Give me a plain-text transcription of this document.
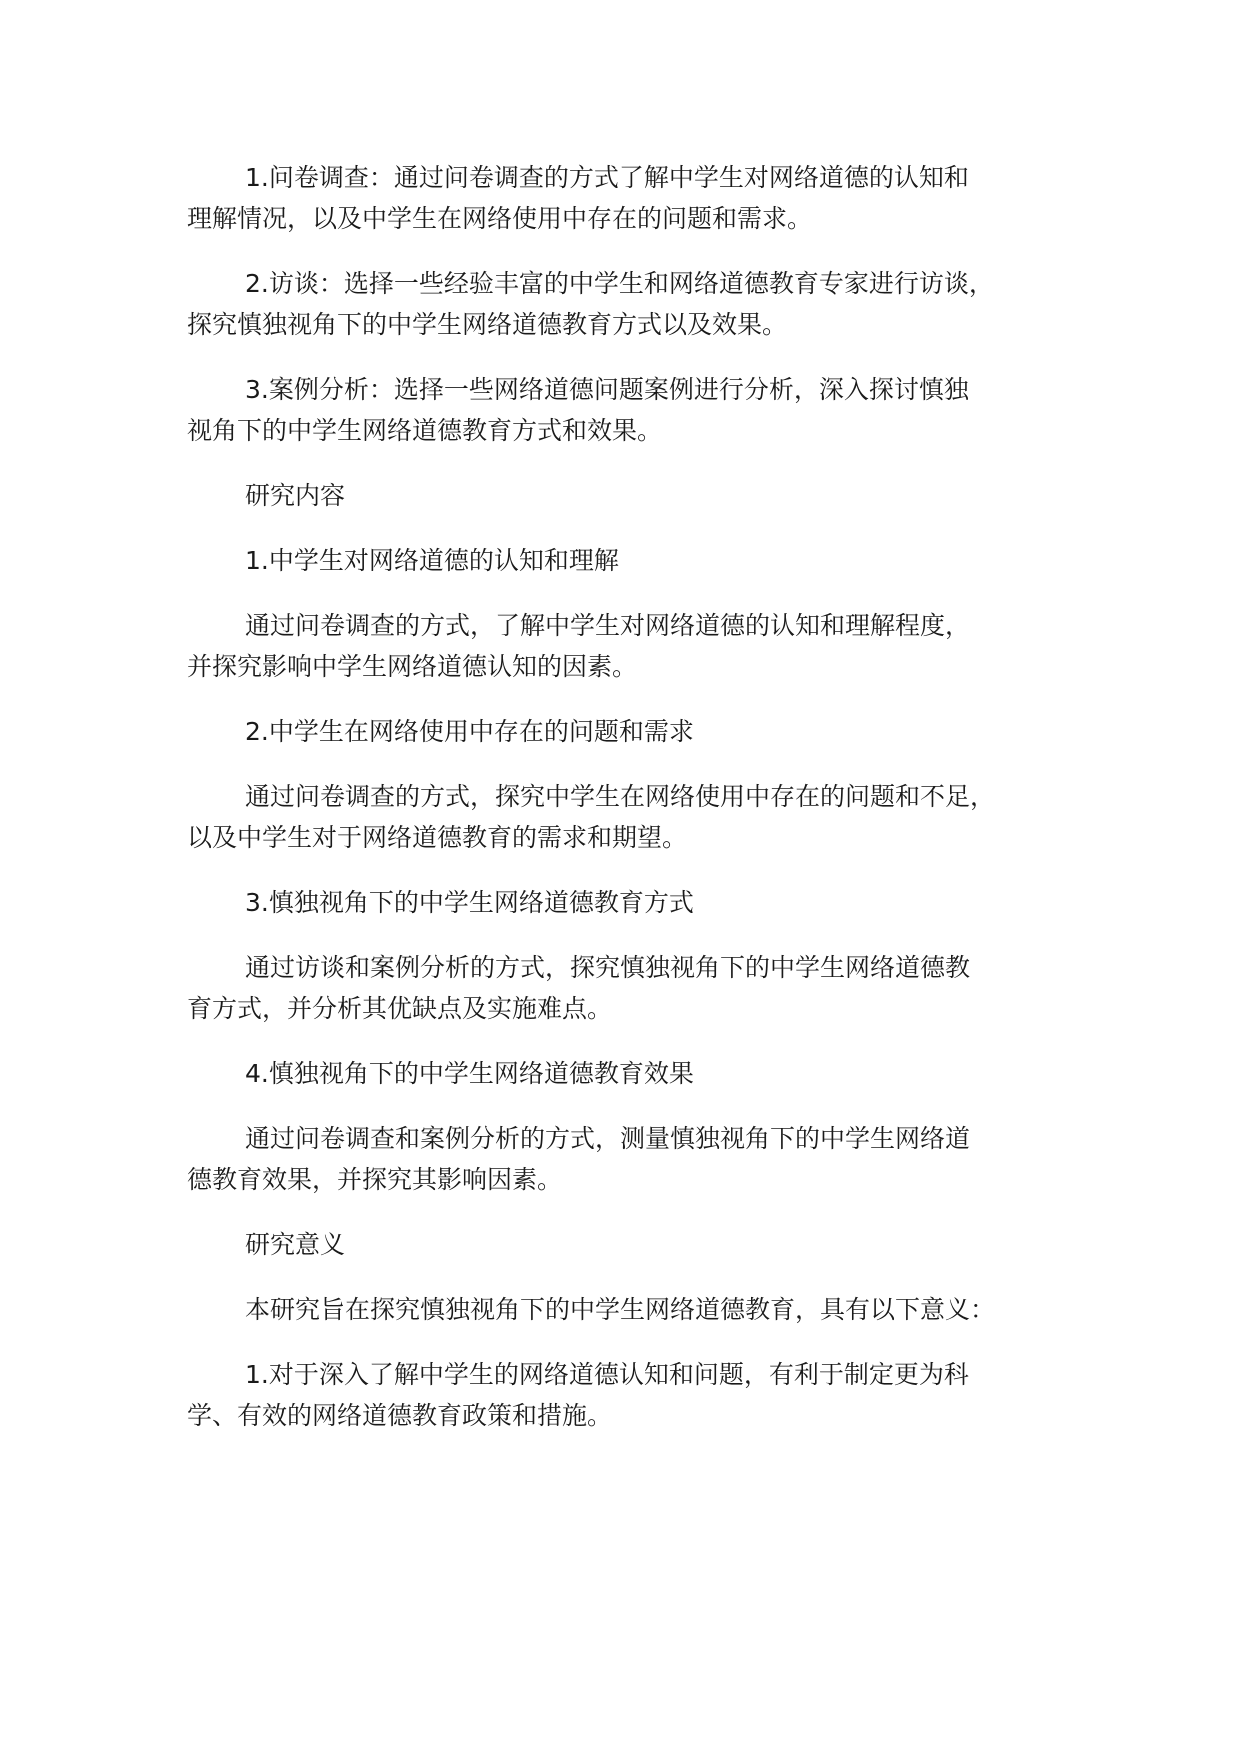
1.问卷调查：通过问卷调查的方式了解中学生对网络道德的认知和
理解情况，以及中学生在网络使用中存在的问题和需求。
2.访谈：选择一些经验丰富的中学生和网络道德教育专家进行访谈，
探究慎独视角下的中学生网络道德教育方式以及效果。
3.案例分析：选择一些网络道德问题案例进行分析，深入探讨慎独
视角下的中学生网络道德教育方式和效果。
研究内容
1.中学生对网络道德的认知和理解
通过问卷调查的方式，了解中学生对网络道德的认知和理解程度，
并探究影响中学生网络道德认知的因素。
2.中学生在网络使用中存在的问题和需求
通过问卷调查的方式，探究中学生在网络使用中存在的问题和不足，
以及中学生对于网络道德教育的需求和期望。
3.慎独视角下的中学生网络道德教育方式
通过访谈和案例分析的方式，探究慎独视角下的中学生网络道德教
育方式，并分析其优缺点及实施难点。
4.慎独视角下的中学生网络道德教育效果
通过问卷调查和案例分析的方式，测量慎独视角下的中学生网络道
德教育效果，并探究其影响因素。
研究意义
本研究旨在探究慎独视角下的中学生网络道德教育，具有以下意义：
1.对于深入了解中学生的网络道德认知和问题，有利于制定更为科
学、有效的网络道德教育政策和措施。
